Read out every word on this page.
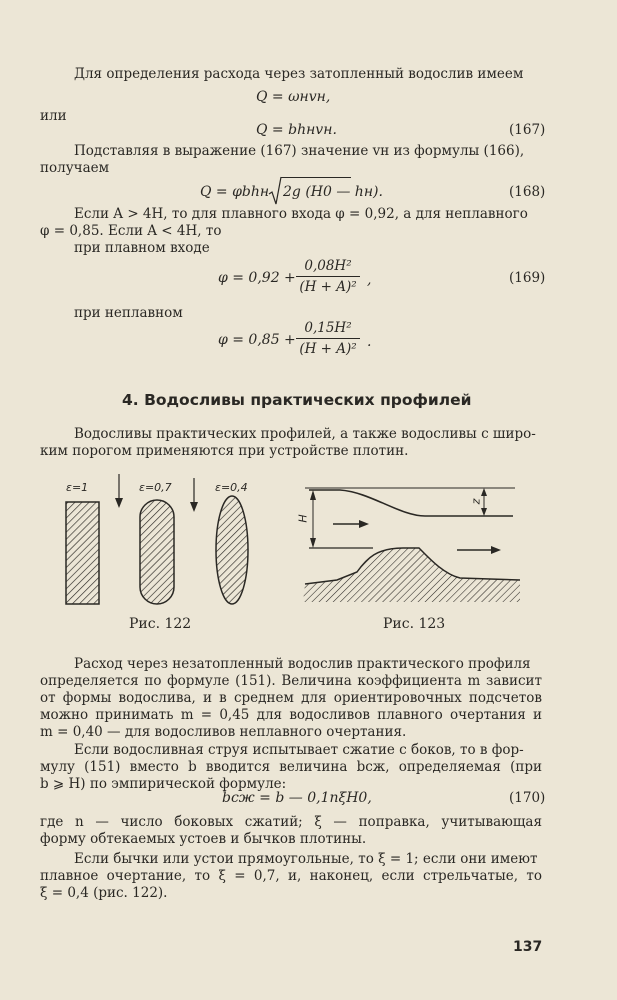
Для определения расхода через затопленный водослив имеем
Q = ωнvн,
или
Q = bhнvн.	(167)
Подставляя в выражение (167) значение vн из формулы (166),
получаем
Q = φbhн 2g (H0 — hн).	(168)
Если A > 4H, то для плавного входа φ = 0,92, а для неплавного
φ = 0,85. Если A < 4H, то
при плавном входе
$\varphi = 0,92 + \frac{\text{0,08H²}}{\text{(H + A)²}}$ ,	(169)
при неплавном
$\varphi = 0,85 + \frac{\text{0,15H²}}{\text{(H + A)²}}$ .
4. Водосливы практических профилей
Водосливы практических профилей, а также водосливы с широ-
ким порогом применяются при устройстве плотин.
ε=1	ε=0,7	ε=0,4
H
z
Рис. 122	Рис. 123
Расход через незатопленный водослив практического профиля
определяется по формуле (151). Величина коэффициента m зависит
от формы водослива, и в среднем для ориентировочных подсчетов
можно принимать m = 0,45 для водосливов плавного очертания и
m = 0,40 — для водосливов неплавного очертания.
Если водосливная струя испытывает сжатие с боков, то в фор-
мулу (151) вместо b вводится величина bсж, определяемая (при
b ⩾ H) по эмпирической формуле:
bсж = b — 0,1nξH0,	(170)
где n — число боковых сжатий; ξ — поправка, учитывающая
форму обтекаемых устоев и бычков плотины.
Если бычки или устои прямоугольные, то ξ = 1; если они имеют
плавное очертание, то ξ = 0,7, и, наконец, если стрельчатые, то
ξ = 0,4 (рис. 122).
137
